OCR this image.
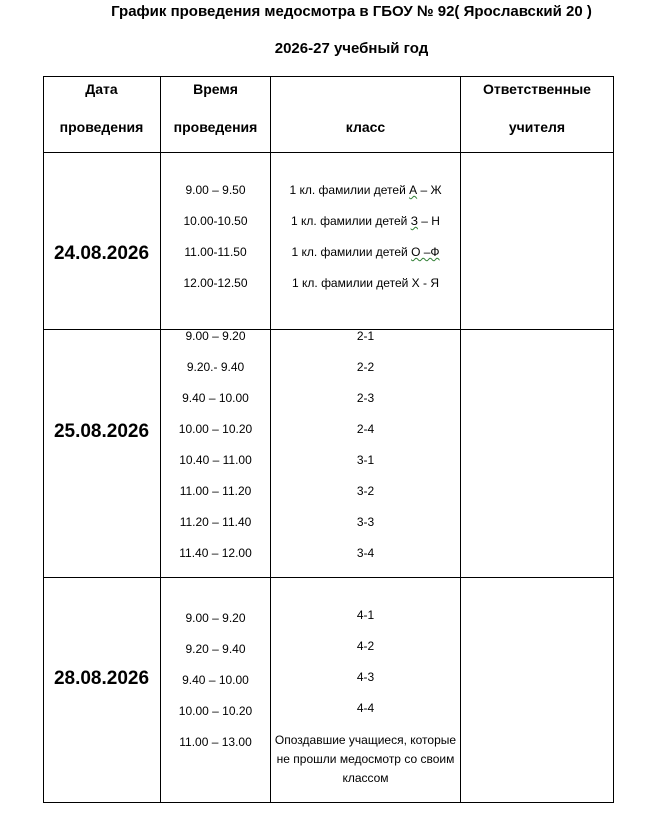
График проведения медосмотра в ГБОУ № 92( Ярославский 20 )
2026-27 учебный год
Дата
проведения
Время
проведения	класс
Ответственные
учителя
24.08.2026
9.00 – 9.50
10.00-10.50
11.00-11.50
12.00-12.50
1 кл. фамилии детей А – Ж
1 кл. фамилии детей З – Н
1 кл. фамилии детей О –Ф
1 кл. фамилии детей Х - Я
25.08.2026
9.00 – 9.20
9.20.- 9.40
9.40 – 10.00
10.00 – 10.20
10.40 – 11.00
11.00 – 11.20
11.20 – 11.40
11.40 – 12.00
2-1
2-2
2-3
2-4
3-1
3-2
3-3
3-4
28.08.2026
9.00 – 9.20
9.20 – 9.40
9.40 – 10.00
10.00 – 10.20
11.00 – 13.00
4-1
4-2
4-3
4-4
Опоздавшие учащиеся, которые не прошли медосмотр со своим классом
